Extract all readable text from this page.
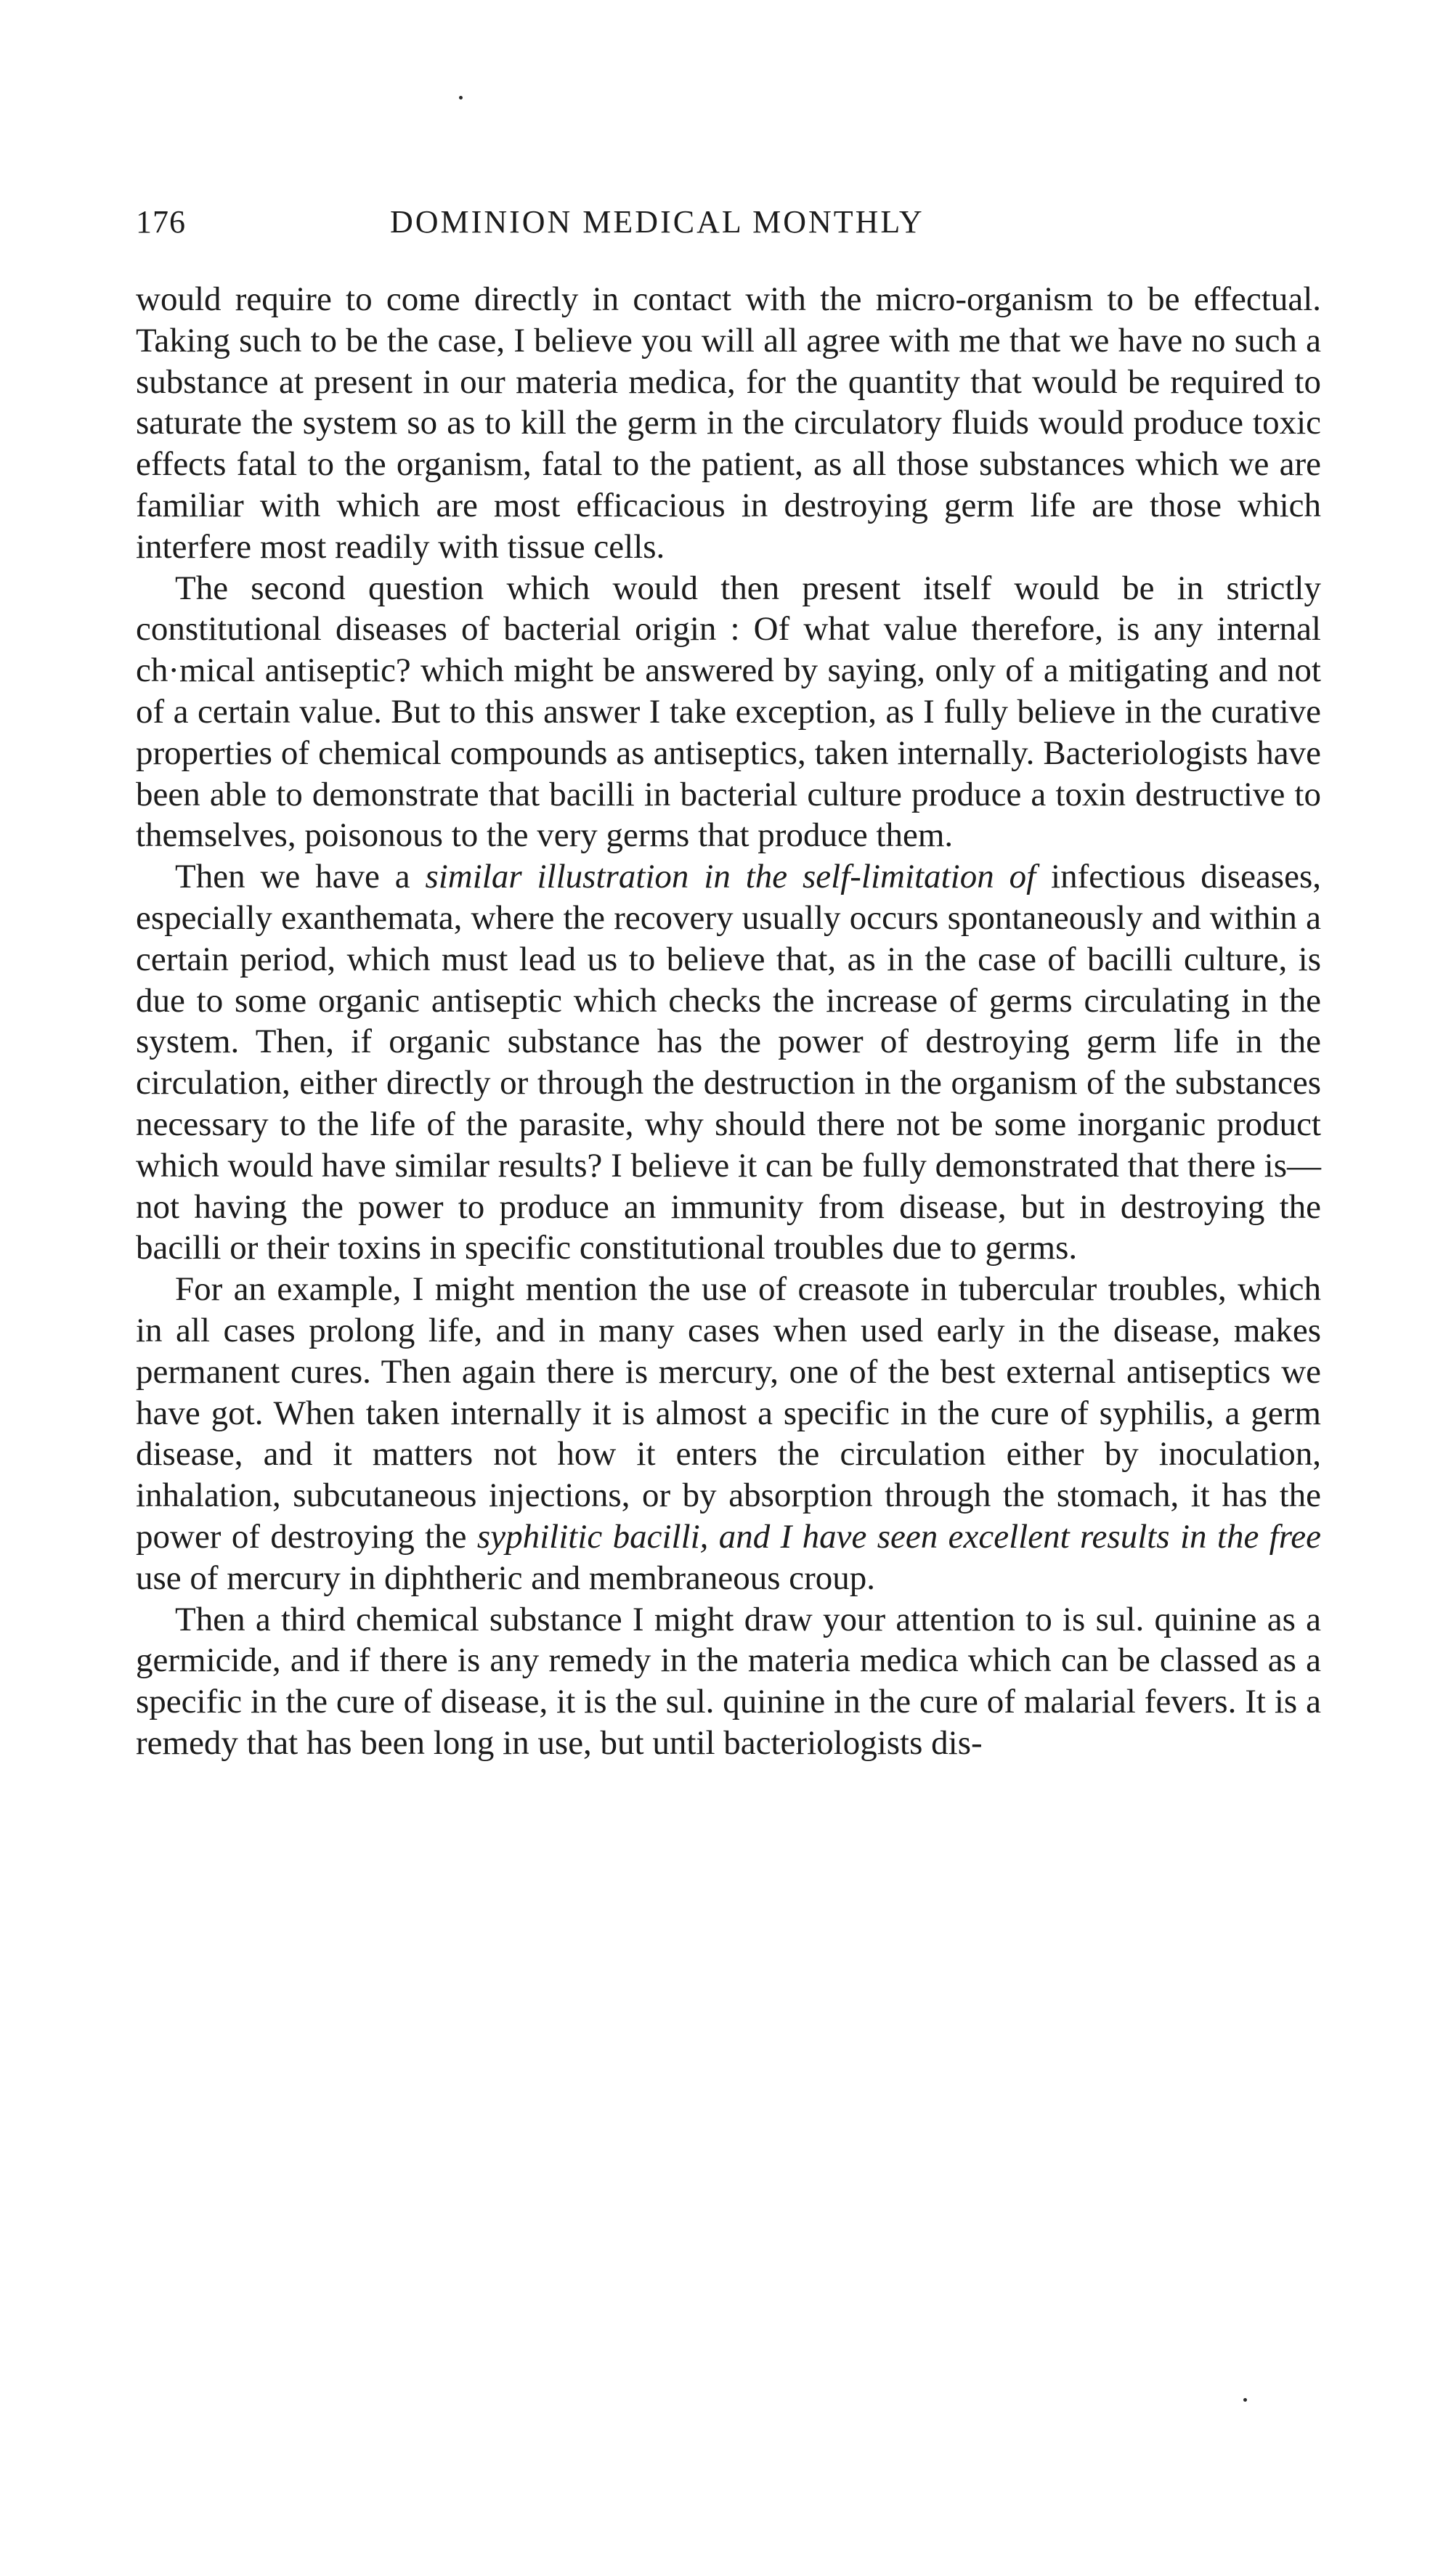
176	DOMINION MEDICAL MONTHLY

would require to come directly in contact with the micro-organism to be effectual. Taking such to be the case, I believe you will all agree with me that we have no such a substance at present in our materia medica, for the quantity that would be required to saturate the system so as to kill the germ in the circulatory fluids would produce toxic effects fatal to the organism, fatal to the patient, as all those substances which we are familiar with which are most efficacious in destroying germ life are those which interfere most readily with tissue cells.

The second question which would then present itself would be in strictly constitutional diseases of bacterial origin : Of what value therefore, is any internal ch·mical antiseptic? which might be answered by saying, only of a mitigating and not of a certain value. But to this answer I take exception, as I fully believe in the curative properties of chemical compounds as antiseptics, taken internally. Bacteriologists have been able to demonstrate that bacilli in bacterial culture produce a toxin destructive to themselves, poisonous to the very germs that produce them.

Then we have a similar illustration in the self-limitation of infectious diseases, especially exanthemata, where the recovery usually occurs spontaneously and within a certain period, which must lead us to believe that, as in the case of bacilli culture, is due to some organic antiseptic which checks the increase of germs circulating in the system. Then, if organic substance has the power of destroying germ life in the circulation, either directly or through the destruction in the organism of the substances necessary to the life of the parasite, why should there not be some inorganic product which would have similar results? I believe it can be fully demonstrated that there is—not having the power to produce an immunity from disease, but in destroying the bacilli or their toxins in specific constitutional troubles due to germs.

For an example, I might mention the use of creasote in tubercular troubles, which in all cases prolong life, and in many cases when used early in the disease, makes permanent cures. Then again there is mercury, one of the best external antiseptics we have got. When taken internally it is almost a specific in the cure of syphilis, a germ disease, and it matters not how it enters the circulation either by inoculation, inhalation, subcutaneous injections, or by absorption through the stomach, it has the power of destroying the syphilitic bacilli, and I have seen excellent results in the free use of mercury in diphtheric and membraneous croup.

Then a third chemical substance I might draw your attention to is sul. quinine as a germicide, and if there is any remedy in the materia medica which can be classed as a specific in the cure of disease, it is the sul. quinine in the cure of malarial fevers. It is a remedy that has been long in use, but until bacteriologists dis-
